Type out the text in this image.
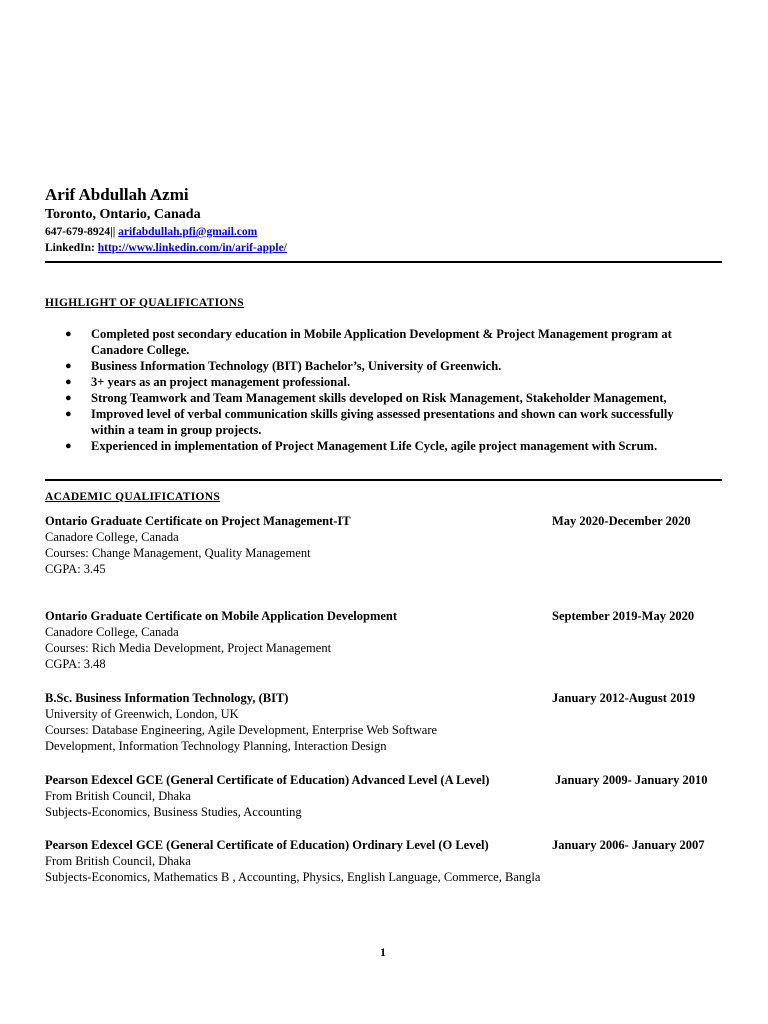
Arif Abdullah Azmi
Toronto, Ontario, Canada
647-679-8924|| arifabdullah.pfi@gmail.com
LinkedIn: http://www.linkedin.com/in/arif-apple/
HIGHLIGHT OF QUALIFICATIONS
● Completed post secondary education in Mobile Application Development & Project Management program at Canadore College.
● Business Information Technology (BIT) Bachelor’s, University of Greenwich.
● 3+ years as an project management professional.
● Strong Teamwork and Team Management skills developed on Risk Management, Stakeholder Management,
● Improved level of verbal communication skills giving assessed presentations and shown can work successfully within a team in group projects.
● Experienced in implementation of Project Management Life Cycle, agile project management with Scrum.
ACADEMIC QUALIFICATIONS
Ontario Graduate Certificate on Project Management-IT	May 2020-December 2020
Canadore College, Canada
Courses: Change Management, Quality Management
CGPA: 3.45
Ontario Graduate Certificate on Mobile Application Development	September 2019-May 2020
Canadore College, Canada
Courses: Rich Media Development, Project Management
CGPA: 3.48
B.Sc. Business Information Technology, (BIT)	January 2012-August 2019
University of Greenwich, London, UK
Courses: Database Engineering, Agile Development, Enterprise Web Software
Development, Information Technology Planning, Interaction Design
Pearson Edexcel GCE (General Certificate of Education) Advanced Level (A Level)	January 2009- January 2010
From British Council, Dhaka
Subjects-Economics, Business Studies, Accounting
Pearson Edexcel GCE (General Certificate of Education) Ordinary Level (O Level)	January 2006- January 2007
From British Council, Dhaka
Subjects-Economics, Mathematics B , Accounting, Physics, English Language, Commerce, Bangla
1
